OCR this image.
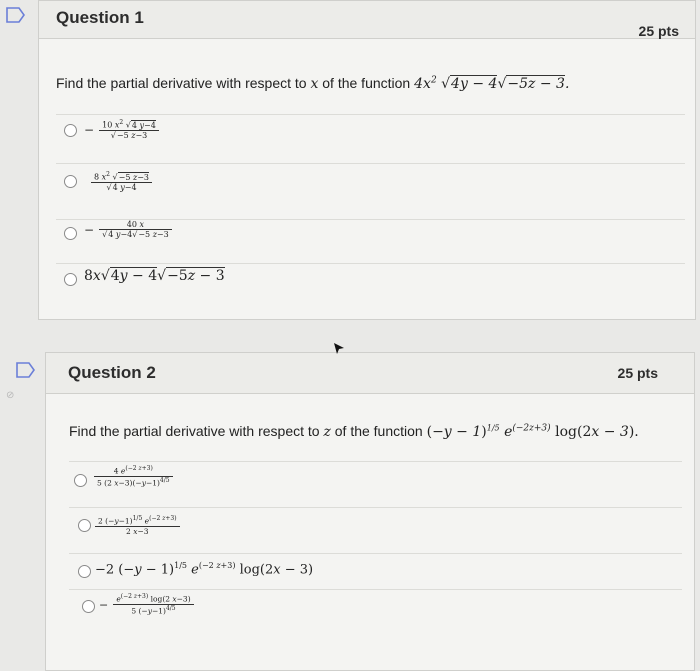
Question 1
25 pts
Find the partial derivative with respect to x of the function $4x^2$ √4y − 4√−5z − 3.
− $\frac{10 x^2 √4 y-4}{√-5 z-3}$
$\frac{8 x^2 √-5 z-3}{√4 y-4}$
− $\frac{40 x}{√4 y-4√-5 z-3}$
8x√4y − 4√−5z − 3
⊘
Question 2	25 pts
Find the partial derivative with respect to z of the function $(-y - 1)^{1/5}$ $e^{(-2z+3)}$ log(2x − 3).
$\frac{4 e^{(-2 z+3)}}{5 (2 x-3)(-y-1)^{4/5}}$
$\frac{2 (-y-1)^{1/5} e^{(-2 z+3)}}{2 x-3}$
−2 $(-y - 1)^{1/5}$ $e^{(-2 z+3)}$ log(2x − 3)
− $\frac{e^{(-2 z+3)} \log(2 x-3)}{5 (-y-1)^{4/5}}$
